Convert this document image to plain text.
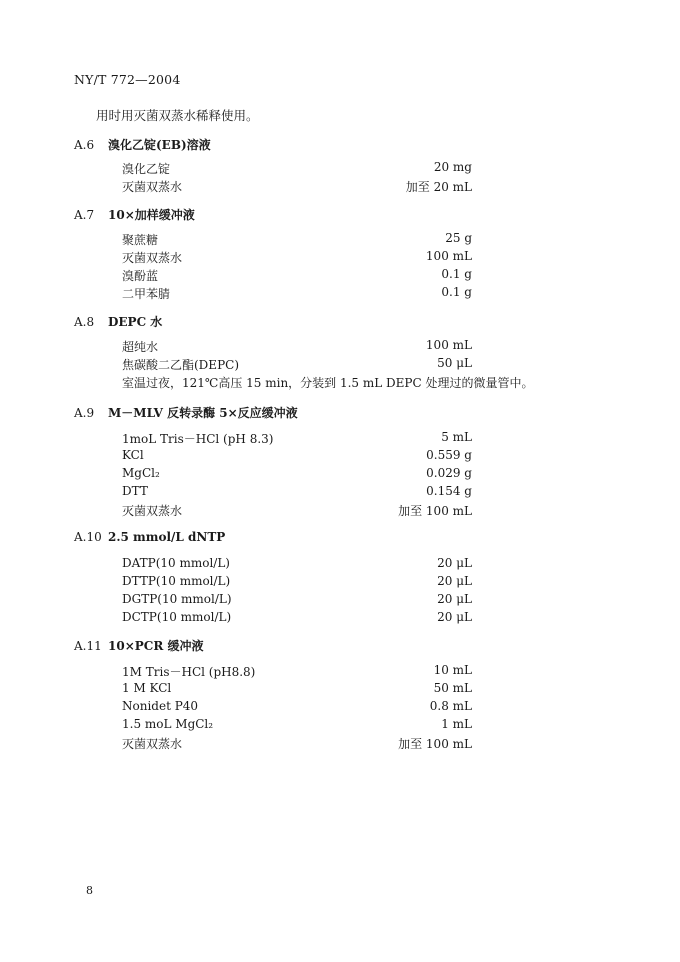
NY/T 772—2004
用时用灭菌双蒸水稀释使用。
A.6 溴化乙锭(EB)溶液
溴化乙锭	20 mg
灭菌双蒸水	加至 20 mL
A.7 10×加样缓冲液
聚蔗糖	25 g
灭菌双蒸水	100 mL
溴酚蓝	0.1 g
二甲苯腈	0.1 g
A.8 DEPC 水
超纯水	100 mL
焦碳酸二乙酯(DEPC)	50 μL
室温过夜，121℃高压 15 min，分装到 1.5 mL DEPC 处理过的微量管中。
A.9 M－MLV 反转录酶 5×反应缓冲液
1moL Tris－HCl (pH 8.3)	5 mL
KCl	0.559 g
MgCl₂	0.029 g
DTT	0.154 g
灭菌双蒸水	加至 100 mL
A.10 2.5 mmol/L dNTP
DATP(10 mmol/L)	20 μL
DTTP(10 mmol/L)	20 μL
DGTP(10 mmol/L)	20 μL
DCTP(10 mmol/L)	20 μL
A.11 10×PCR 缓冲液
1M Tris－HCl (pH8.8)	10 mL
1 M KCl	50 mL
Nonidet P40	0.8 mL
1.5 moL MgCl₂	1 mL
灭菌双蒸水	加至 100 mL
8
